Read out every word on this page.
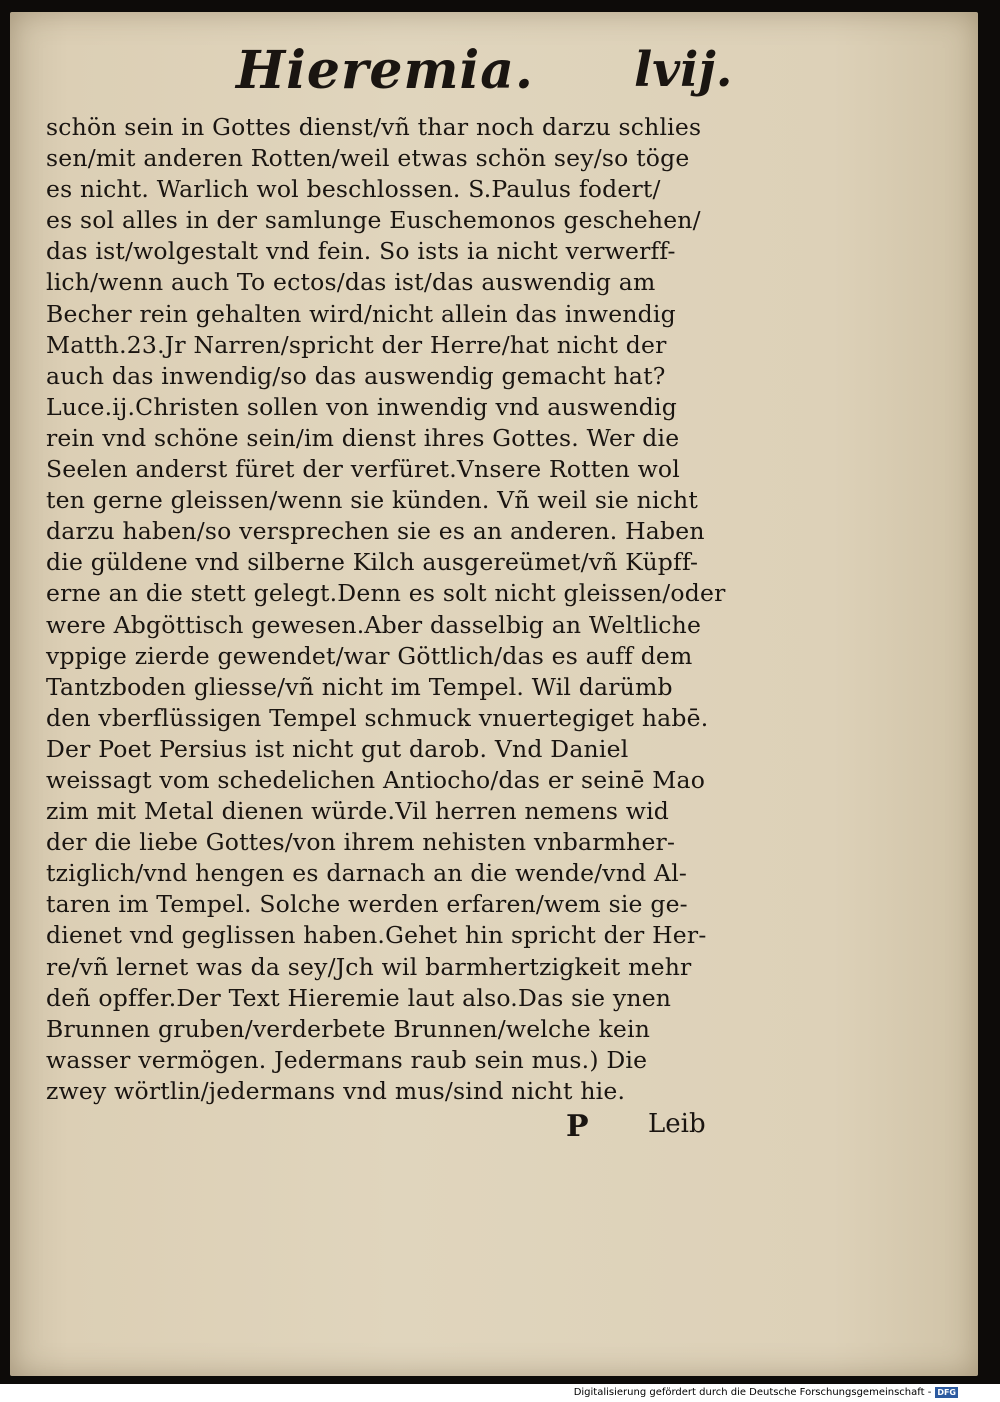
Hieremia. lvij.
schön sein in Gottes dienst/vñ thar noch darzu schlies
sen/mit anderen Rotten/weil etwas schön sey/so töge
es nicht. Warlich wol beschlossen. S.Paulus fodert/
es sol alles in der samlunge Euschemonos geschehen/
das ist/wolgestalt vnd fein. So ists ia nicht verwerff-
lich/wenn auch To ectos/das ist/das auswendig am
Becher rein gehalten wird/nicht allein das inwendig
Matth.23.Jr Narren/spricht der Herre/hat nicht der
auch das inwendig/so das auswendig gemacht hat?
Luce.ij.Christen sollen von inwendig vnd auswendig
rein vnd schöne sein/im dienst ihres Gottes. Wer die
Seelen anderst füret der verfüret.Vnsere Rotten wol
ten gerne gleissen/wenn sie künden. Vñ weil sie nicht
darzu haben/so versprechen sie es an anderen. Haben
die güldene vnd silberne Kilch ausgereümet/vñ Küpff-
erne an die stett gelegt.Denn es solt nicht gleissen/oder
were Abgöttisch gewesen.Aber dasselbig an Weltliche
vppige zierde gewendet/war Göttlich/das es auff dem
Tantzboden gliesse/vñ nicht im Tempel. Wil darümb
den vberflüssigen Tempel schmuck vnuertegiget habē.
Der Poet Persius ist nicht gut darob. Vnd Daniel
weissagt vom schedelichen Antiocho/das er seinē Mao
zim mit Metal dienen würde.Vil herren nemens wid
der die liebe Gottes/von ihrem nehisten vnbarmher-
tziglich/vnd hengen es darnach an die wende/vnd Al-
taren im Tempel. Solche werden erfaren/wem sie ge-
dienet vnd geglissen haben.Gehet hin spricht der Her-
re/vñ lernet was da sey/Jch wil barmhertzigkeit mehr
deñ opffer.Der Text Hieremie laut also.Das sie ynen
Brunnen gruben/verderbete Brunnen/welche kein
wasser vermögen. Jedermans raub sein mus.) Die
zwey wörtlin/jedermans vnd mus/sind nicht hie.
P Leib
Digitalisierung gefördert durch die Deutsche Forschungsgemeinschaft - DFG
